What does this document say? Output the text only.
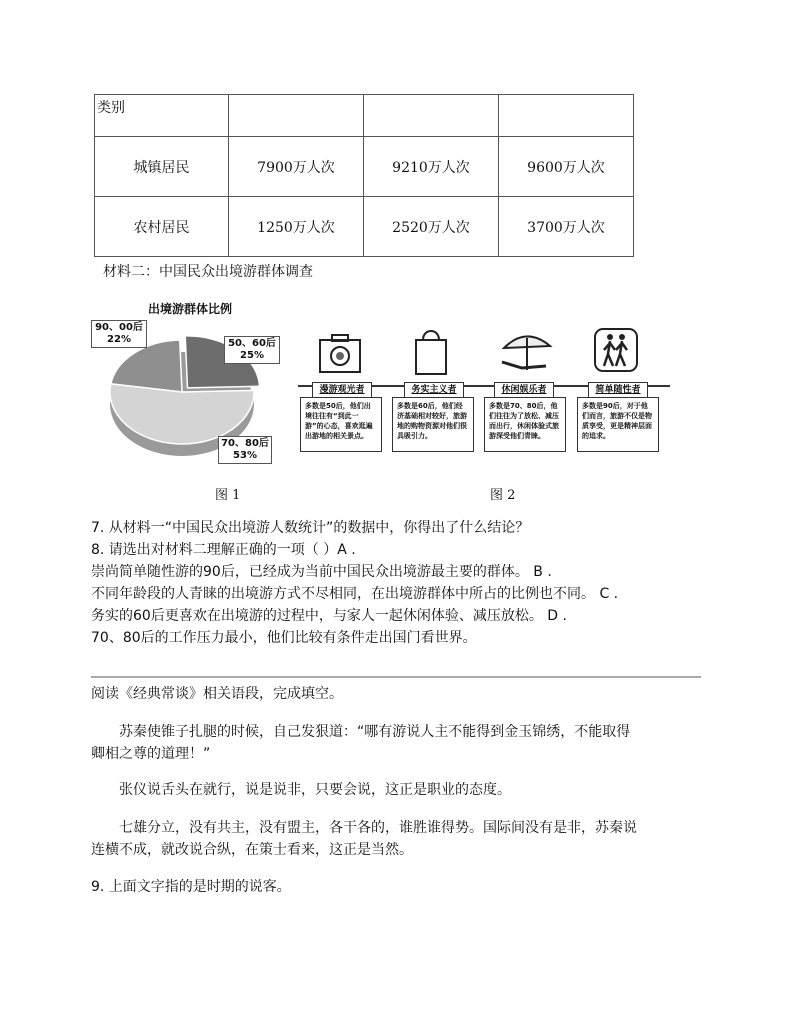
类别			
城镇居民	7900万人次	9210万人次	9600万人次
农村居民	1250万人次	2520万人次	3700万人次
材料二：中国民众出境游群体调查
出境游群体比例
90、00后
22%	50、60后
25%
70、80后
53%
图 1
漫游观光者	务实主义者	休闲娱乐者	简单随性者
多数是50后，他们出境往往有“到此一游”的心态，喜欢逛遍出游地的相关景点。
多数是60后，他们经济基础相对较好，旅游地的购物资源对他们很具吸引力。
多数是70、80后，他们往往为了放松、减压而出行，休闲体验式旅游深受他们青睐。
多数是90后，对于他们而言，旅游不仅是物质享受，更是精神层面的追求。
图 2
7. 从材料一“中国民众出境游人数统计”的数据中，你得出了什么结论？
8. 请选出对材料二理解正确的一项（ ）A .
崇尚简单随性游的90后，已经成为当前中国民众出境游最主要的群体。 B .
不同年龄段的人青睐的出境游方式不尽相同，在出境游群体中所占的比例也不同。 C .
务实的60后更喜欢在出境游的过程中，与家人一起休闲体验、减压放松。 D .
70、80后的工作压力最小，他们比较有条件走出国门看世界。
阅读《经典常谈》相关语段，完成填空。
苏秦使锥子扎腿的时候，自己发狠道：“哪有游说人主不能得到金玉锦绣，不能取得
卿相之尊的道理！”
张仪说舌头在就行，说是说非，只要会说，这正是职业的态度。
七雄分立，没有共主，没有盟主，各干各的，谁胜谁得势。国际间没有是非，苏秦说
连横不成，就改说合纵，在策士看来，这正是当然。
9. 上面文字指的是时期的说客。
